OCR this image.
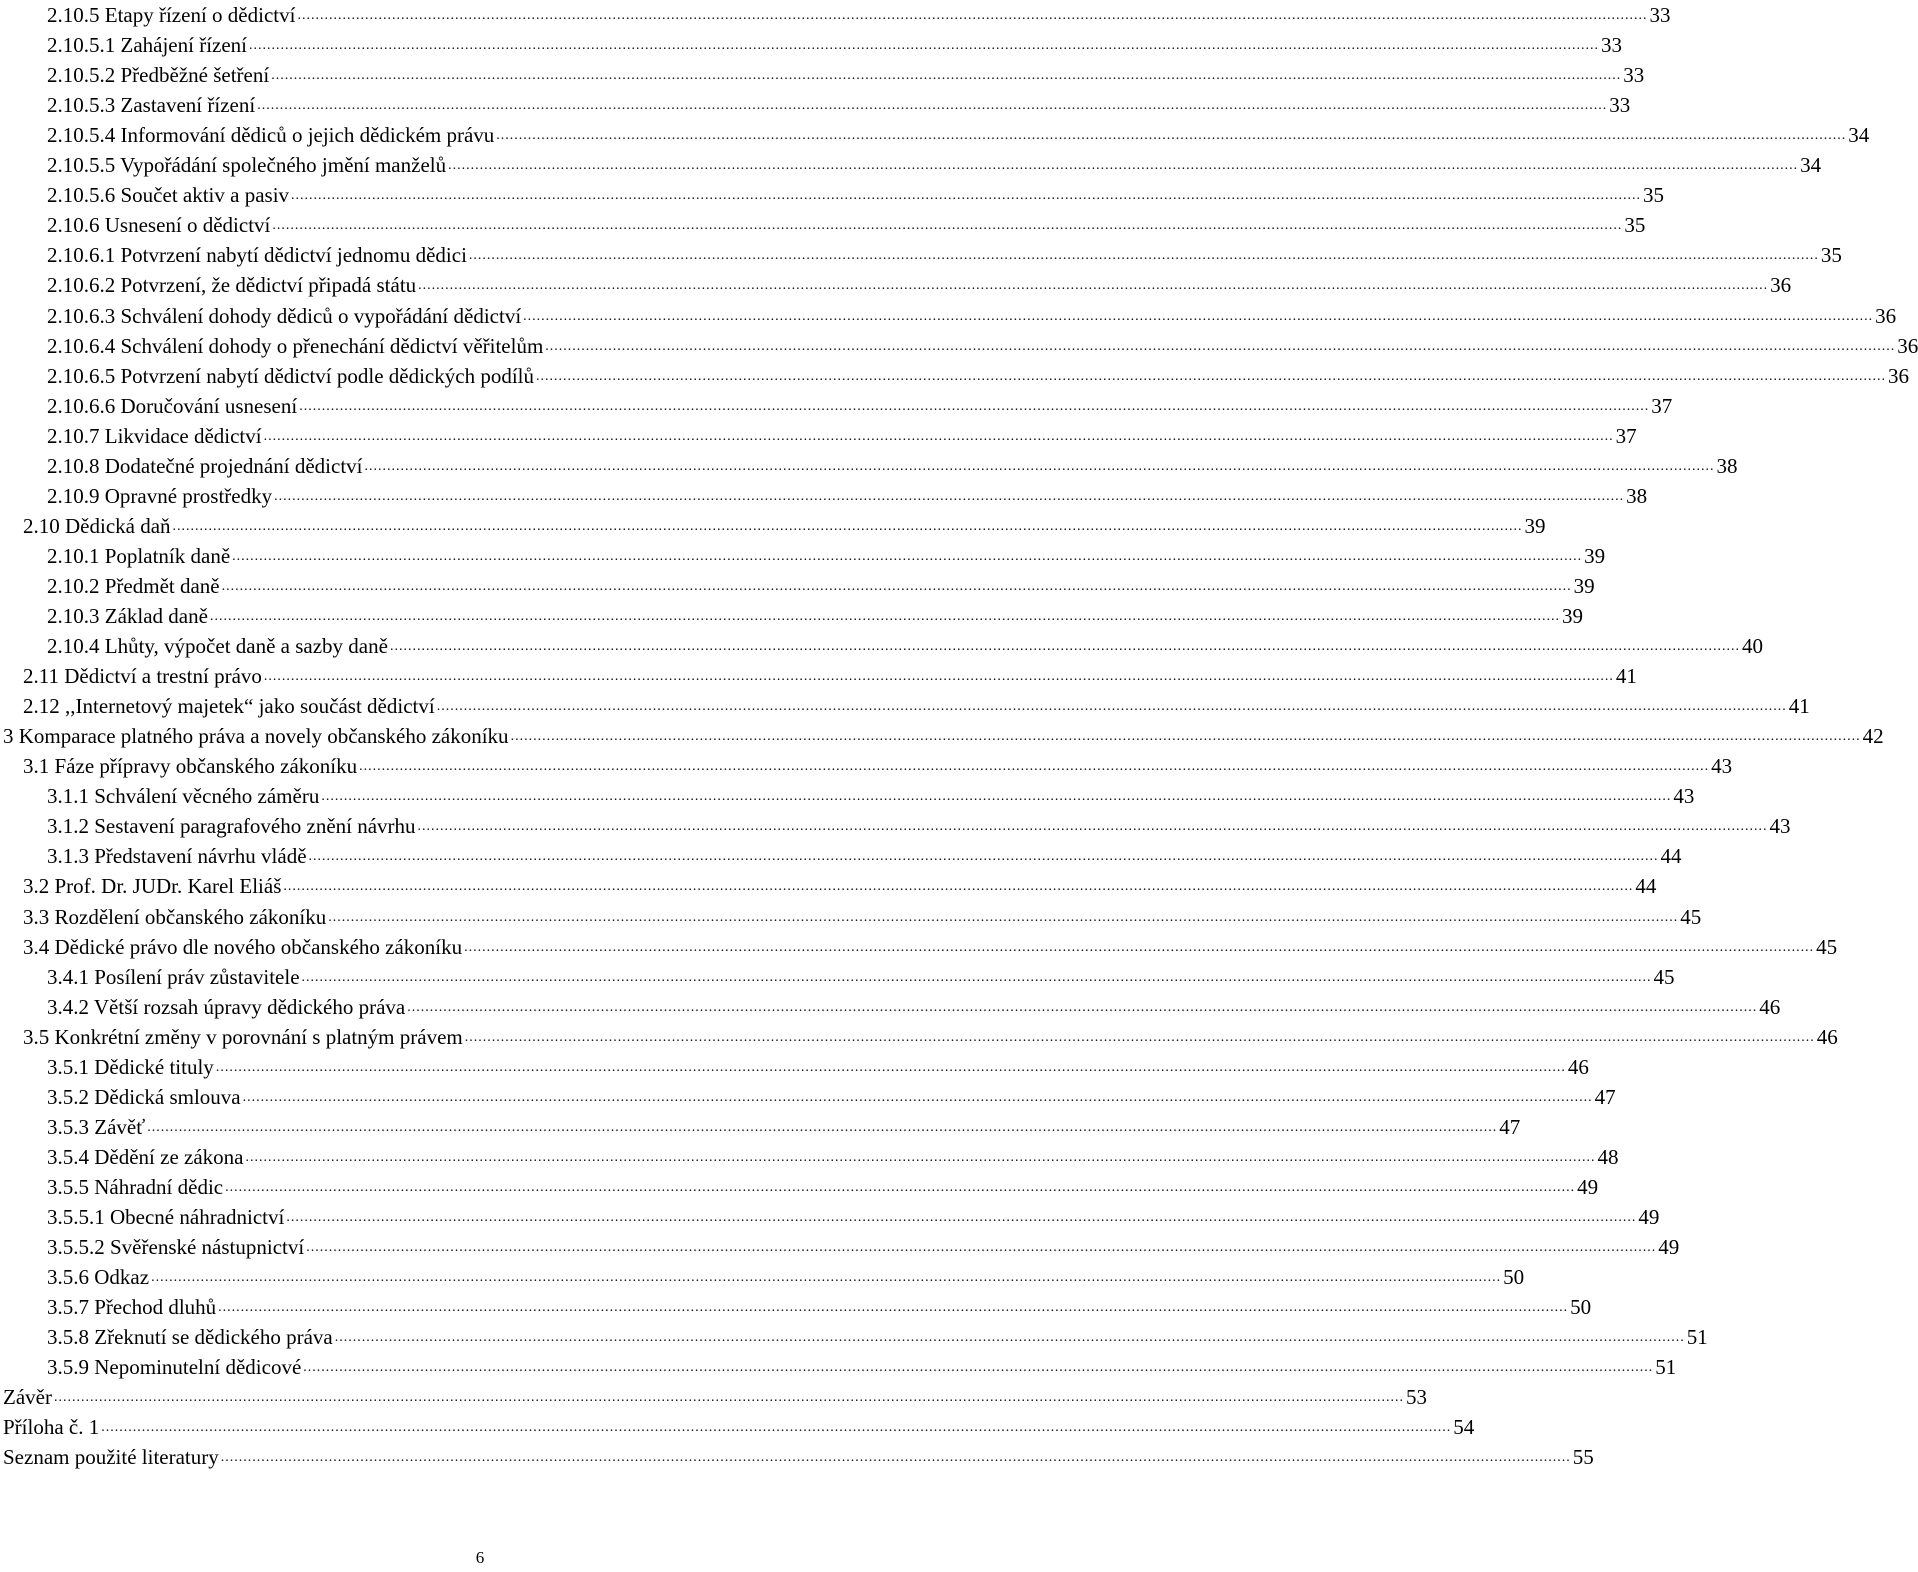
2.10.5 Etapy řízení o dědictví ............................................................................................................................................................................................................................................................................................................ 33
2.10.5.1 Zahájení řízení ............................................................................................................................................................................................................................................................................................................ 33
2.10.5.2 Předběžné šetření ............................................................................................................................................................................................................................................................................................................ 33
2.10.5.3 Zastavení řízení ............................................................................................................................................................................................................................................................................................................ 33
2.10.5.4 Informování dědiců o jejich dědickém právu ............................................................................................................................................................................................................................................................................................................ 34
2.10.5.5 Vypořádání společného jmění manželů ............................................................................................................................................................................................................................................................................................................ 34
2.10.5.6 Součet aktiv a pasiv ............................................................................................................................................................................................................................................................................................................ 35
2.10.6 Usnesení o dědictví ............................................................................................................................................................................................................................................................................................................ 35
2.10.6.1 Potvrzení nabytí dědictví jednomu dědici ............................................................................................................................................................................................................................................................................................................ 35
2.10.6.2 Potvrzení, že dědictví připadá státu ............................................................................................................................................................................................................................................................................................................ 36
2.10.6.3 Schválení dohody dědiců o vypořádání dědictví ............................................................................................................................................................................................................................................................................................................ 36
2.10.6.4 Schválení dohody o přenechání dědictví věřitelům ............................................................................................................................................................................................................................................................................................................ 36
2.10.6.5 Potvrzení nabytí dědictví podle dědických podílů ............................................................................................................................................................................................................................................................................................................ 36
2.10.6.6 Doručování usnesení ............................................................................................................................................................................................................................................................................................................ 37
2.10.7 Likvidace dědictví ............................................................................................................................................................................................................................................................................................................ 37
2.10.8 Dodatečné projednání dědictví ............................................................................................................................................................................................................................................................................................................ 38
2.10.9 Opravné prostředky ............................................................................................................................................................................................................................................................................................................ 38
2.10 Dědická daň ............................................................................................................................................................................................................................................................................................................ 39
2.10.1 Poplatník daně ............................................................................................................................................................................................................................................................................................................ 39
2.10.2 Předmět daně ............................................................................................................................................................................................................................................................................................................ 39
2.10.3 Základ daně ............................................................................................................................................................................................................................................................................................................ 39
2.10.4 Lhůty, výpočet daně a sazby daně ............................................................................................................................................................................................................................................................................................................ 40
2.11 Dědictví a trestní právo ............................................................................................................................................................................................................................................................................................................ 41
2.12 ,,Internetový majetek“ jako součást dědictví ............................................................................................................................................................................................................................................................................................................ 41
3 Komparace platného práva a novely občanského zákoníku ............................................................................................................................................................................................................................................................................................................ 42
3.1 Fáze přípravy občanského zákoníku ............................................................................................................................................................................................................................................................................................................ 43
3.1.1 Schválení věcného záměru ............................................................................................................................................................................................................................................................................................................ 43
3.1.2 Sestavení paragrafového znění návrhu ............................................................................................................................................................................................................................................................................................................ 43
3.1.3 Představení návrhu vládě ............................................................................................................................................................................................................................................................................................................ 44
3.2 Prof. Dr. JUDr. Karel Eliáš ............................................................................................................................................................................................................................................................................................................ 44
3.3 Rozdělení občanského zákoníku ............................................................................................................................................................................................................................................................................................................ 45
3.4 Dědické právo dle nového občanského zákoníku ............................................................................................................................................................................................................................................................................................................ 45
3.4.1 Posílení práv zůstavitele ............................................................................................................................................................................................................................................................................................................ 45
3.4.2 Větší rozsah úpravy dědického práva ............................................................................................................................................................................................................................................................................................................ 46
3.5 Konkrétní změny v porovnání s platným právem ............................................................................................................................................................................................................................................................................................................ 46
3.5.1 Dědické tituly ............................................................................................................................................................................................................................................................................................................ 46
3.5.2 Dědická smlouva ............................................................................................................................................................................................................................................................................................................ 47
3.5.3 Závěť ............................................................................................................................................................................................................................................................................................................ 47
3.5.4 Dědění ze zákona ............................................................................................................................................................................................................................................................................................................ 48
3.5.5 Náhradní dědic ............................................................................................................................................................................................................................................................................................................ 49
3.5.5.1 Obecné náhradnictví ............................................................................................................................................................................................................................................................................................................ 49
3.5.5.2 Svěřenské nástupnictví ............................................................................................................................................................................................................................................................................................................ 49
3.5.6 Odkaz ............................................................................................................................................................................................................................................................................................................ 50
3.5.7 Přechod dluhů ............................................................................................................................................................................................................................................................................................................ 50
3.5.8 Zřeknutí se dědického práva ............................................................................................................................................................................................................................................................................................................ 51
3.5.9 Nepominutelní dědicové ............................................................................................................................................................................................................................................................................................................ 51
Závěr ............................................................................................................................................................................................................................................................................................................ 53
Příloha č. 1 ............................................................................................................................................................................................................................................................................................................ 54
Seznam použité literatury ............................................................................................................................................................................................................................................................................................................ 55
6
